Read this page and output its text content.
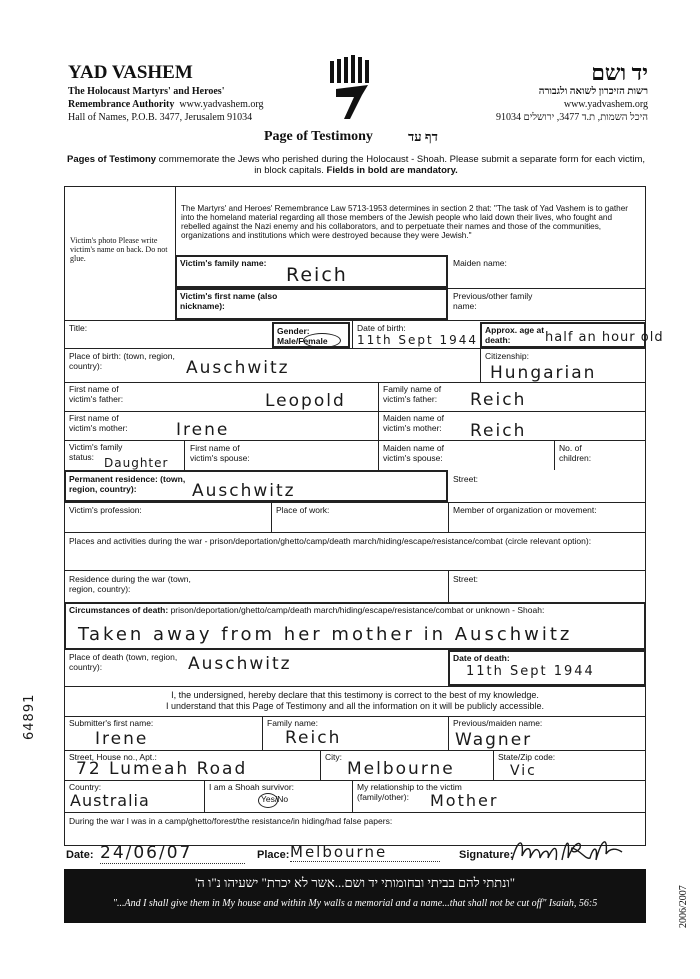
YAD VASHEM
The Holocaust Martyrs' and Heroes'
Remembrance Authority www.yadvashem.org
Hall of Names, P.O.B. 3477, Jerusalem 91034
יד ושם
רשות הזיכרון לשואה ולגבורה
www.yadvashem.org
היכל השמות, ת.ד 3477, ירושלים 91034
Page of Testimony	דף עד
Pages of Testimony commemorate the Jews who perished during the Holocaust - Shoah. Please submit a separate form for each victim, in block capitals. Fields in bold are mandatory.
Victim's photo Please write victim's name on back. Do not glue.
The Martyrs' and Heroes' Remembrance Law 5713-1953 determines in section 2 that: "The task of Yad Vashem is to gather into the homeland material regarding all those members of the Jewish people who laid down their lives, who fought and rebelled against the Nazi enemy and his collaborators, and to perpetuate their names and those of the communities, organizations and institutions which were destroyed because they were Jewish."
Victim's family name:
Reich
Maiden name:
Victim's first name (also nickname):
Previous/other family name:
Title:	Gender:
Male/Female
Date of birth:
11th Sept 1944
Approx. age at death:	half an hour old
Place of birth: (town, region, country):	Auschwitz
Citizenship:
Hungarian
First name of victim's father:	Leopold
Family name of victim's father:	Reich
First name of victim's mother:	Irene
Maiden name of victim's mother:	Reich
Victim's family status: Daughter
First name of victim's spouse:
Maiden name of victim's spouse:
No. of children:
Permanent residence: (town, region, country):	Auschwitz
Street:
Victim's profession:	Place of work:	Member of organization or movement:
Places and activities during the war - prison/deportation/ghetto/camp/death march/hiding/escape/resistance/combat (circle relevant option):
Residence during the war (town, region, country):
Street:
Circumstances of death: prison/deportation/ghetto/camp/death march/hiding/escape/resistance/combat or unknown - Shoah:
Taken away from her mother in Auschwitz
Place of death (town, region, country):	Auschwitz	Date of death:
11th Sept 1944
I, the undersigned, hereby declare that this testimony is correct to the best of my knowledge.
I understand that this Page of Testimony and all the information on it will be publicly accessible.
Submitter's first name:
Irene
Family name:
Reich
Previous/maiden name:
Wagner
Street, House no., Apt.:
72 Lumeah Road
City:
Melbourne
State/Zip code:
Vic
Country:
Australia
I am a Shoah survivor:
Yes/No
My relationship to the victim (family/other):	Mother
During the war I was in a camp/ghetto/forest/the resistance/in hiding/had false papers:
Date: 24/06/07	Place: Melbourne	Signature:
"ונתתי להם בביתי ובחומותי יד ושם...אשר לא יכרת" ישעיהו נ"ו ה'
"...And I shall give them in My house and within My walls a memorial and a name...that shall not be cut off" Isaiah, 56:5
64891
2006/2007
